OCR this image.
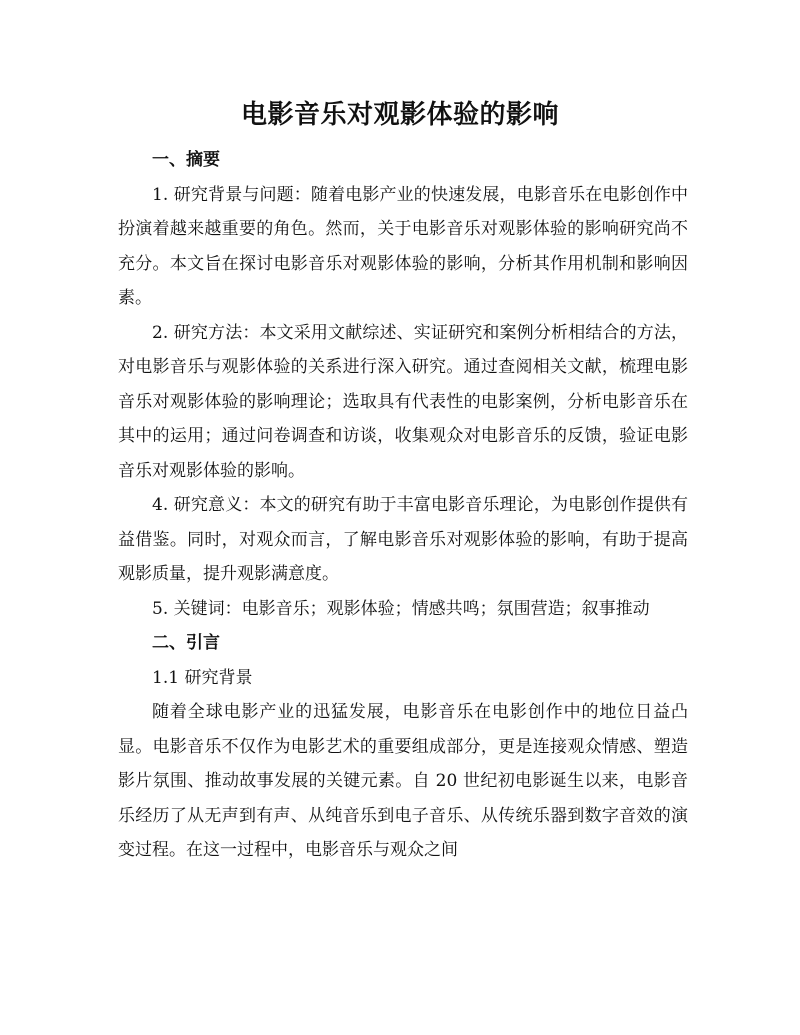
电影音乐对观影体验的影响

一、摘要

1. 研究背景与问题：随着电影产业的快速发展，电影音乐在电影创作中扮演着越来越重要的角色。然而，关于电影音乐对观影体验的影响研究尚不充分。本文旨在探讨电影音乐对观影体验的影响，分析其作用机制和影响因素。

2. 研究方法：本文采用文献综述、实证研究和案例分析相结合的方法，对电影音乐与观影体验的关系进行深入研究。通过查阅相关文献，梳理电影音乐对观影体验的影响理论；选取具有代表性的电影案例，分析电影音乐在其中的运用；通过问卷调查和访谈，收集观众对电影音乐的反馈，验证电影音乐对观影体验的影响。

4. 研究意义：本文的研究有助于丰富电影音乐理论，为电影创作提供有益借鉴。同时，对观众而言，了解电影音乐对观影体验的影响，有助于提高观影质量，提升观影满意度。

5. 关键词：电影音乐；观影体验；情感共鸣；氛围营造；叙事推动

二、引言

1.1 研究背景

随着全球电影产业的迅猛发展，电影音乐在电影创作中的地位日益凸显。电影音乐不仅作为电影艺术的重要组成部分，更是连接观众情感、塑造影片氛围、推动故事发展的关键元素。自 20 世纪初电影诞生以来，电影音乐经历了从无声到有声、从纯音乐到电子音乐、从传统乐器到数字音效的演变过程。在这一过程中，电影音乐与观众之间
